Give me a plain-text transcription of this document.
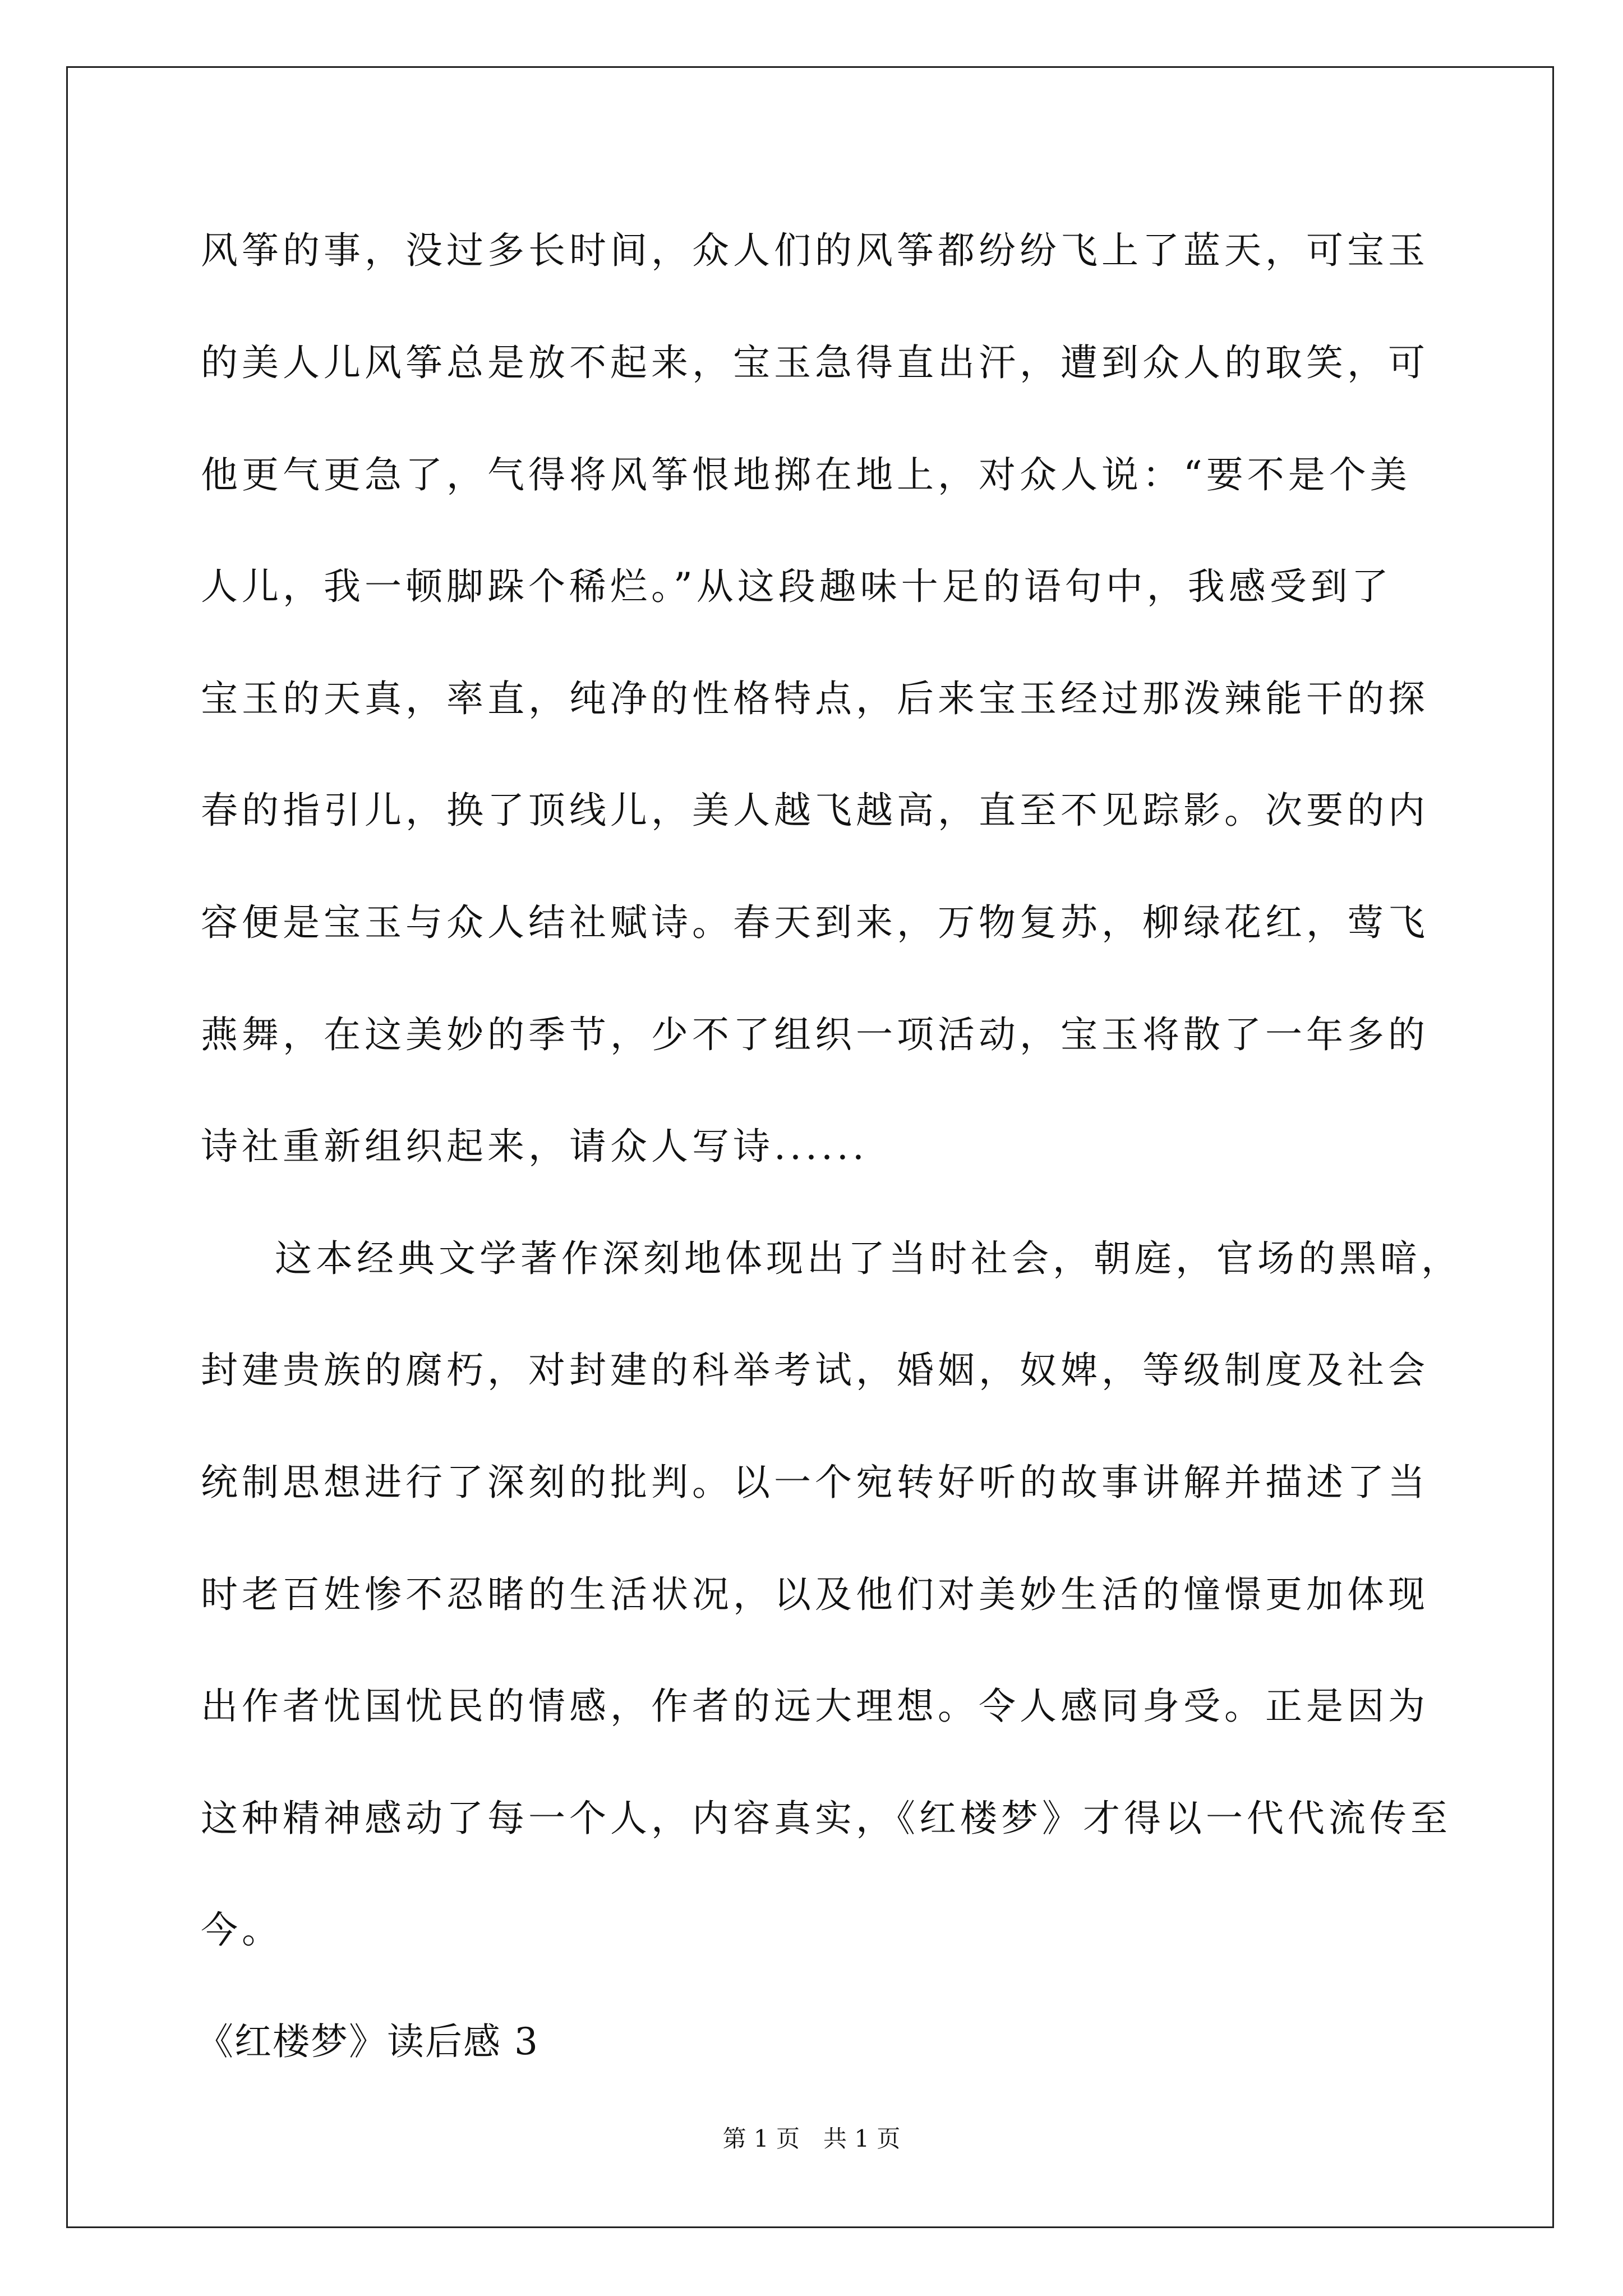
风筝的事，没过多长时间，众人们的风筝都纷纷飞上了蓝天，可宝玉
的美人儿风筝总是放不起来，宝玉急得直出汗，遭到众人的取笑，可
他更气更急了，气得将风筝恨地掷在地上，对众人说：“要不是个美
人儿，我一顿脚跺个稀烂。”从这段趣味十足的语句中，我感受到了
宝玉的天真，率直，纯净的性格特点，后来宝玉经过那泼辣能干的探
春的指引儿，换了顶线儿，美人越飞越高，直至不见踪影。次要的内
容便是宝玉与众人结社赋诗。春天到来，万物复苏，柳绿花红，莺飞
燕舞，在这美妙的季节，少不了组织一项活动，宝玉将散了一年多的
诗社重新组织起来，请众人写诗......
这本经典文学著作深刻地体现出了当时社会，朝庭，官场的黑暗，
封建贵族的腐朽，对封建的科举考试，婚姻，奴婢，等级制度及社会
统制思想进行了深刻的批判。以一个宛转好听的故事讲解并描述了当
时老百姓惨不忍睹的生活状况，以及他们对美妙生活的憧憬更加体现
出作者忧国忧民的情感，作者的远大理想。令人感同身受。正是因为
这种精神感动了每一个人，内容真实，《红楼梦》才得以一代代流传至
今。
《红楼梦》读后感 3
第 1 页　共 1 页
